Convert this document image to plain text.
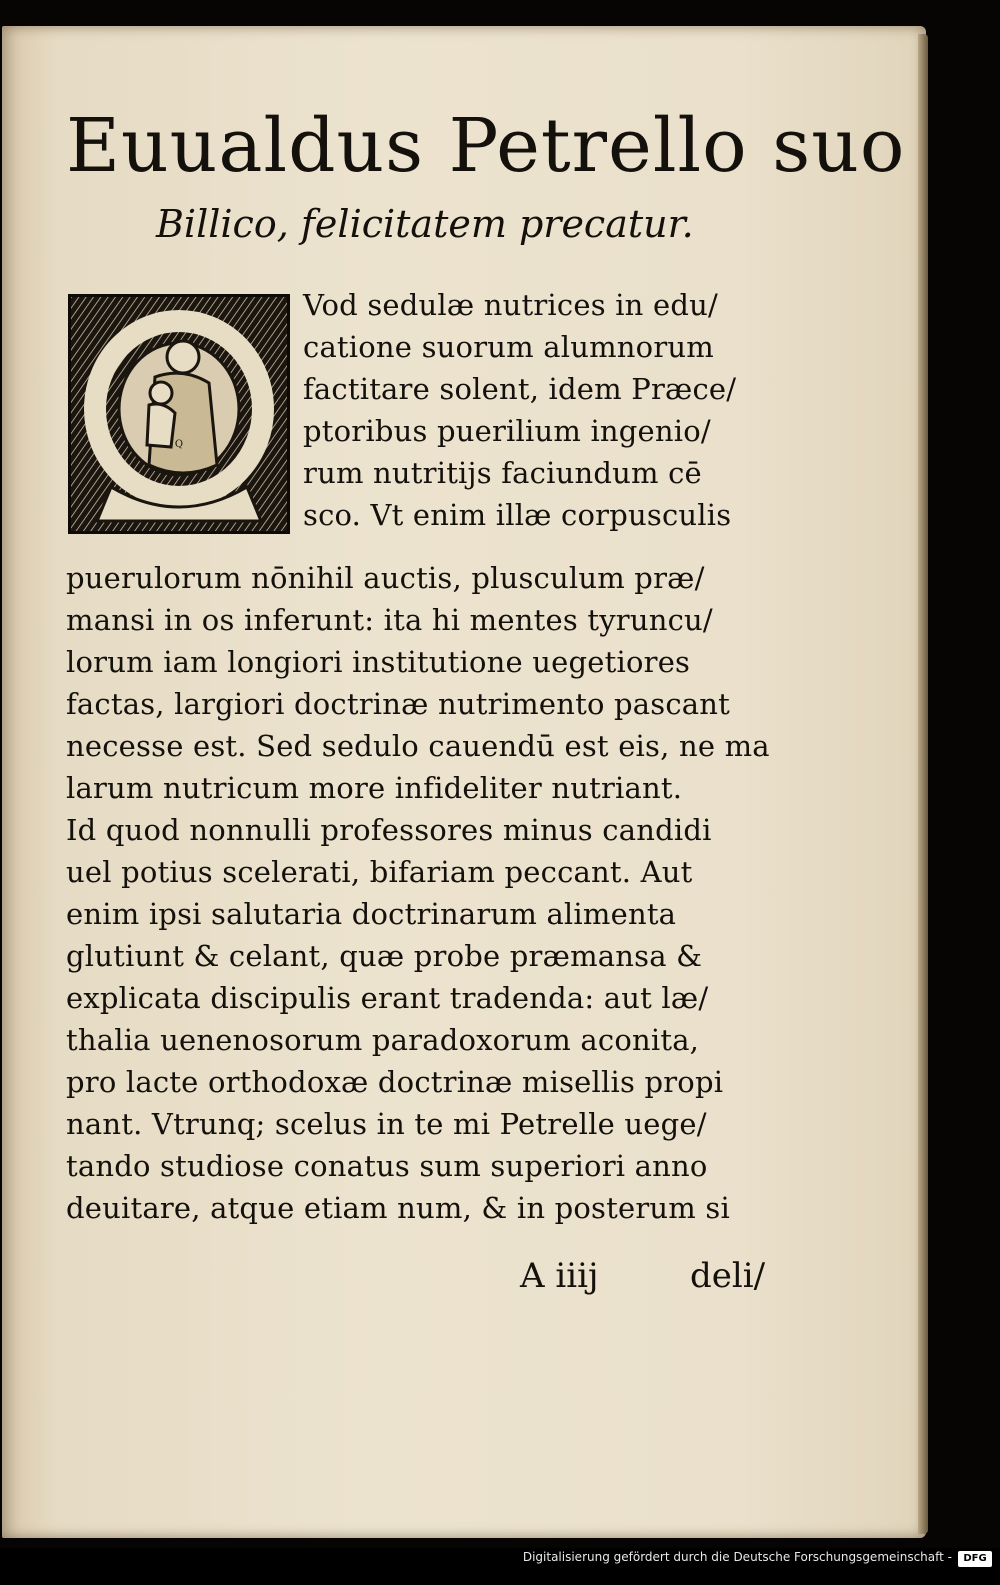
Euualdus Petrello suo
Billico, felicitatem precatur.
Q
Vod sedulæ nutrices in edu/
catione suorum alumnorum
factitare solent, idem Præce/
ptoribus puerilium ingenio/
rum nutritijs faciundum cē
sco. Vt enim illæ corpusculis
puerulorum nōnihil auctis, plusculum præ/
mansi in os inferunt: ita hi mentes tyruncu/
lorum iam longiori institutione uegetiores
factas, largiori doctrinæ nutrimento pascant
necesse est. Sed sedulo cauendū est eis, ne ma
larum nutricum more infideliter nutriant.
Id quod nonnulli professores minus candidi
uel potius scelerati, bifariam peccant. Aut
enim ipsi salutaria doctrinarum alimenta
glutiunt & celant, quæ probe præmansa &
explicata discipulis erant tradenda: aut læ/
thalia uenenosorum paradoxorum aconita,
pro lacte orthodoxæ doctrinæ misellis propi
nant. Vtrunq; scelus in te mi Petrelle uege/
tando studiose conatus sum superiori anno
deuitare, atque etiam num, & in posterum si
A iiij	deli/
Digitalisierung gefördert durch die Deutsche Forschungsgemeinschaft -	DFG
